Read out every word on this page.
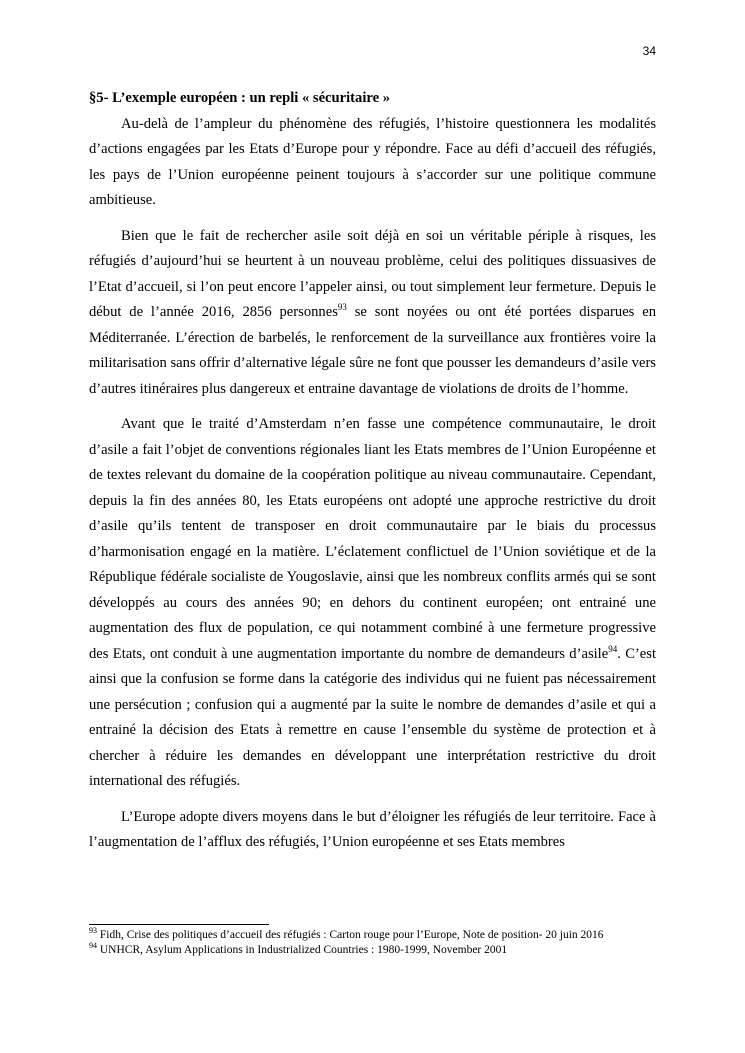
34

§5- L’exemple européen : un repli « sécuritaire »

Au-delà de l’ampleur du phénomène des réfugiés, l’histoire questionnera les modalités d’actions engagées par les Etats d’Europe pour y répondre. Face au défi d’accueil des réfugiés, les pays de l’Union européenne peinent toujours à s’accorder sur une politique commune ambitieuse.

Bien que le fait de rechercher asile soit déjà en soi un véritable périple à risques, les réfugiés d’aujourd’hui se heurtent à un nouveau problème, celui des politiques dissuasives de l’Etat d’accueil, si l’on peut encore l’appeler ainsi, ou tout simplement leur fermeture. Depuis le début de l’année 2016, 2856 personnes$^{93}$ se sont noyées ou ont été portées disparues en Méditerranée. L’érection de barbelés, le renforcement de la surveillance aux frontières voire la militarisation sans offrir d’alternative légale sûre ne font que pousser les demandeurs d’asile vers d’autres itinéraires plus dangereux et entraine davantage de violations de droits de l’homme.

Avant que le traité d’Amsterdam n’en fasse une compétence communautaire, le droit d’asile a fait l’objet de conventions régionales liant les Etats membres de l’Union Européenne et de textes relevant du domaine de la coopération politique au niveau communautaire. Cependant, depuis la fin des années 80, les Etats européens ont adopté une approche restrictive du droit d’asile qu’ils tentent de transposer en droit communautaire par le biais du processus d’harmonisation engagé en la matière. L’éclatement conflictuel de l’Union soviétique et de la République fédérale socialiste de Yougoslavie, ainsi que les nombreux conflits armés qui se sont développés au cours des années 90; en dehors du continent européen; ont entrainé une augmentation des flux de population, ce qui notamment combiné à une fermeture progressive des Etats, ont conduit à une augmentation importante du nombre de demandeurs d’asile$^{94}$. C’est ainsi que la confusion se forme dans la catégorie des individus qui ne fuient pas nécessairement une persécution ; confusion qui a augmenté par la suite le nombre de demandes d’asile et qui a entrainé la décision des Etats à remettre en cause l’ensemble du système de protection et à chercher à réduire les demandes en développant une interprétation restrictive du droit international des réfugiés.

L’Europe adopte divers moyens dans le but d’éloigner les réfugiés de leur territoire. Face à l’augmentation de l’afflux des réfugiés, l’Union européenne et ses Etats membres

$^{93}$ Fidh, Crise des politiques d’accueil des réfugiés : Carton rouge pour l’Europe, Note de position- 20 juin 2016
$^{94}$ UNHCR, Asylum Applications in Industrialized Countries : 1980-1999, November 2001
